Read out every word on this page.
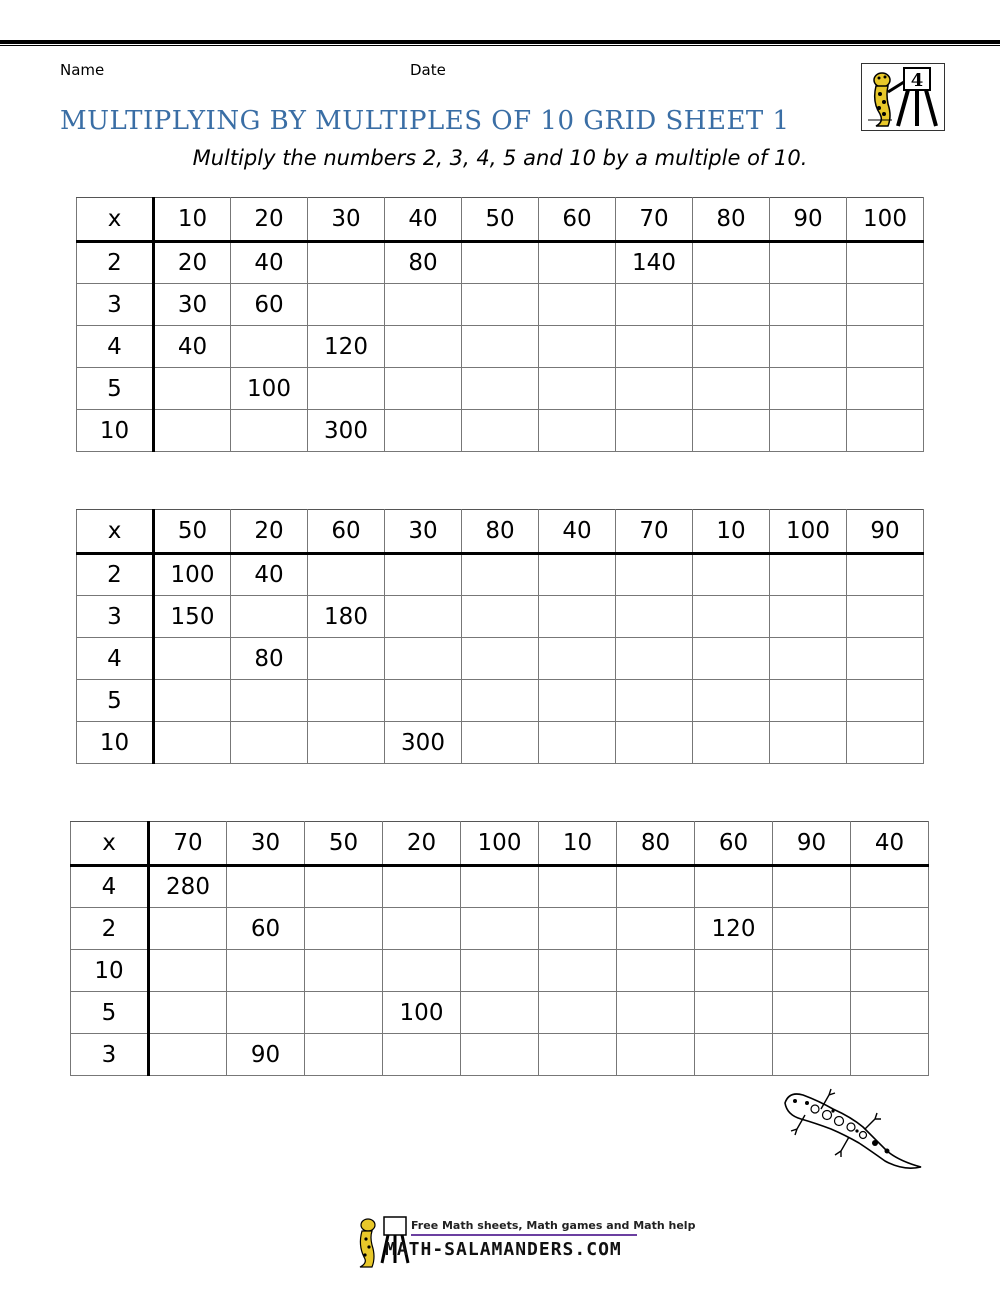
Name	Date	4
MULTIPLYING BY MULTIPLES OF 10 GRID SHEET 1
Multiply the numbers 2, 3, 4, 5 and 10 by a multiple of 10.
x	10	20	30	40	50	60	70	80	90	100
2	20	40		80			140			
3	30	60								
4	40		120							
5		100								
10			300							
x	50	20	60	30	80	40	70	10	100	90
2	100	40								
3	150		180							
4		80								
5										
10				300						
x	70	30	50	20	100	10	80	60	90	40
4	280									
2		60						120		
10										
5				100						
3		90								
Free Math sheets, Math games and Math help
MATH-SALAMANDERS.COM
